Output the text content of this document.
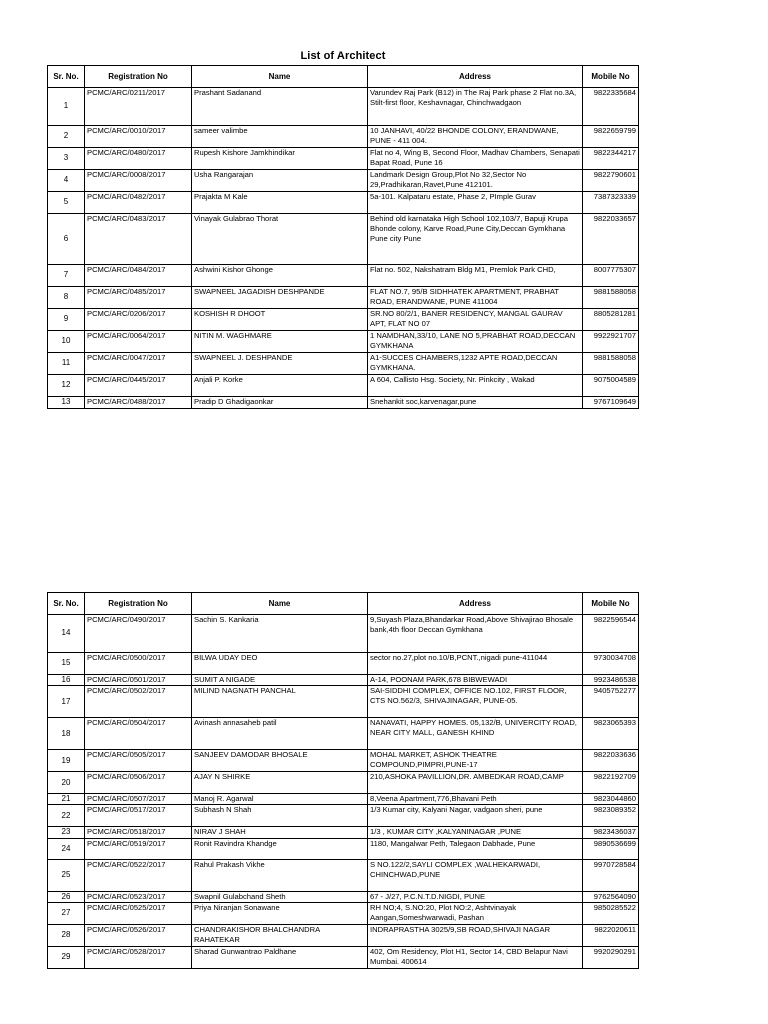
List of Architect
Sr. No.	Registration No	Name	Address	Mobile No
1	PCMC/ARC/0211/2017	Prashant Sadanand	Varundev Raj Park (B12) in The Raj Park phase 2 Flat no.3A, Stilt-first floor, Keshavnagar, Chinchwadgaon	9822335684
2	PCMC/ARC/0010/2017	sameer valimbe	10 JANHAVI, 40/22 BHONDE COLONY, ERANDWANE, PUNE - 411 004.	9822659799
3	PCMC/ARC/0480/2017	Rupesh Kishore Jamkhindikar	Flat no 4, Wing B, Second Floor, Madhav Chambers, Senapati Bapat Road, Pune 16	9822344217
4	PCMC/ARC/0008/2017	Usha Rangarajan	Landmark Design Group,Plot No 32,Sector No 29,Pradhikaran,Ravet,Pune 412101.	9822790601
5	PCMC/ARC/0482/2017	Prajakta M Kale	5a-101. Kalpataru estate, Phase 2, PImple Gurav	7387323339
6	PCMC/ARC/0483/2017	Vinayak Gulabrao Thorat	Behind old karnataka High School 102,103/7, Bapuji Krupa Bhonde colony, Karve Road,Pune City,Deccan Gymkhana Pune city Pune	9822033657
7	PCMC/ARC/0484/2017	Ashwini Kishor Ghonge	Flat no. 502, Nakshatram Bldg M1, Premlok Park CHD,	8007775307
8	PCMC/ARC/0485/2017	SWAPNEEL JAGADISH DESHPANDE	FLAT NO.7, 95/B SIDHHATEK APARTMENT, PRABHAT ROAD, ERANDWANE, PUNE 411004	9881588058
9	PCMC/ARC/0206/2017	KOSHISH R DHOOT	SR.NO 80/2/1, BANER RESIDENCY, MANGAL GAURAV APT, FLAT NO 07	8805281281
10	PCMC/ARC/0064/2017	NITIN M. WAGHMARE	1 NAMDHAN,33/10, LANE NO 5,PRABHAT ROAD,DECCAN GYMKHANA	9922921707
11	PCMC/ARC/0047/2017	SWAPNEEL J. DESHPANDE	A1-SUCCES CHAMBERS,1232 APTE ROAD,DECCAN GYMKHANA.	9881588058
12	PCMC/ARC/0445/2017	Anjali P. Korke	A 604, Callisto Hsg. Society, Nr. Pinkcity , Wakad	9075004589
13	PCMC/ARC/0488/2017	Pradip D Ghadigaonkar	Snehankit soc,karvenagar,pune	9767109649
Sr. No.	Registration No	Name	Address	Mobile No
14	PCMC/ARC/0490/2017	Sachin S. Kankaria	9,Suyash Plaza,Bhandarkar Road,Above Shivajirao Bhosale bank,4th floor Deccan Gymkhana	9822596544
15	PCMC/ARC/0500/2017	BILWA UDAY DEO	sector no.27,plot no.10/B,PCNT.,nigadi pune-411044	9730034708
16	PCMC/ARC/0501/2017	SUMIT A NIGADE	A-14, POONAM PARK,678 BIBWEWADI	9923486538
17	PCMC/ARC/0502/2017	MILIND NAGNATH PANCHAL	SAI-SIDDHI COMPLEX, OFFICE NO.102, FIRST FLOOR, CTS NO.562/3, SHIVAJINAGAR, PUNE-05.	9405752277
18	PCMC/ARC/0504/2017	Avinash annasaheb patil	NANAVATI, HAPPY HOMES. 05,132/B, UNIVERCITY ROAD, NEAR CITY MALL, GANESH KHIND	9823065393
19	PCMC/ARC/0505/2017	SANJEEV DAMODAR BHOSALE	MOHAL MARKET, ASHOK THEATRE COMPOUND,PIMPRI,PUNE-17	9822033636
20	PCMC/ARC/0506/2017	AJAY N SHIRKE	210,ASHOKA PAVILLION,DR. AMBEDKAR ROAD,CAMP	9822192709
21	PCMC/ARC/0507/2017	Manoj R. Agarwal	8,Veena Apartment,776,Bhavani Peth	9823044860
22	PCMC/ARC/0517/2017	Subhash N Shah	1/3 Kumar city, Kalyani Nagar, vadgaon sheri, pune	9823089352
23	PCMC/ARC/0518/2017	NIRAV J SHAH	1/3 , KUMAR CITY ,KALYANINAGAR ,PUNE	9823436037
24	PCMC/ARC/0519/2017	Ronit Ravindra Khandge	1180, Mangalwar Peth, Talegaon Dabhade, Pune	9890536699
25	PCMC/ARC/0522/2017	Rahul Prakash Vikhe	S NO.122/2,SAYLI COMPLEX ,WALHEKARWADI, CHINCHWAD,PUNE	9970728584
26	PCMC/ARC/0523/2017	Swapnil Gulabchand Sheth	67 - J/27, P.C.N.T.D.NIGDI, PUNE	9762564090
27	PCMC/ARC/0525/2017	Priya Niranjan Sonawane	RH NO;4, S.NO:20, Plot NO:2, Ashtvinayak Aangan,Someshwarwadi, Pashan	9850285522
28	PCMC/ARC/0526/2017	CHANDRAKISHOR BHALCHANDRA RAHATEKAR	INDRAPRASTHA 3025/9,SB ROAD,SHIVAJI NAGAR	9822020611
29	PCMC/ARC/0528/2017	Sharad Gunwantrao Paldhane	402, Om Residency, Plot H1, Sector 14, CBD Belapur Navi Mumbai. 400614	9920290291
